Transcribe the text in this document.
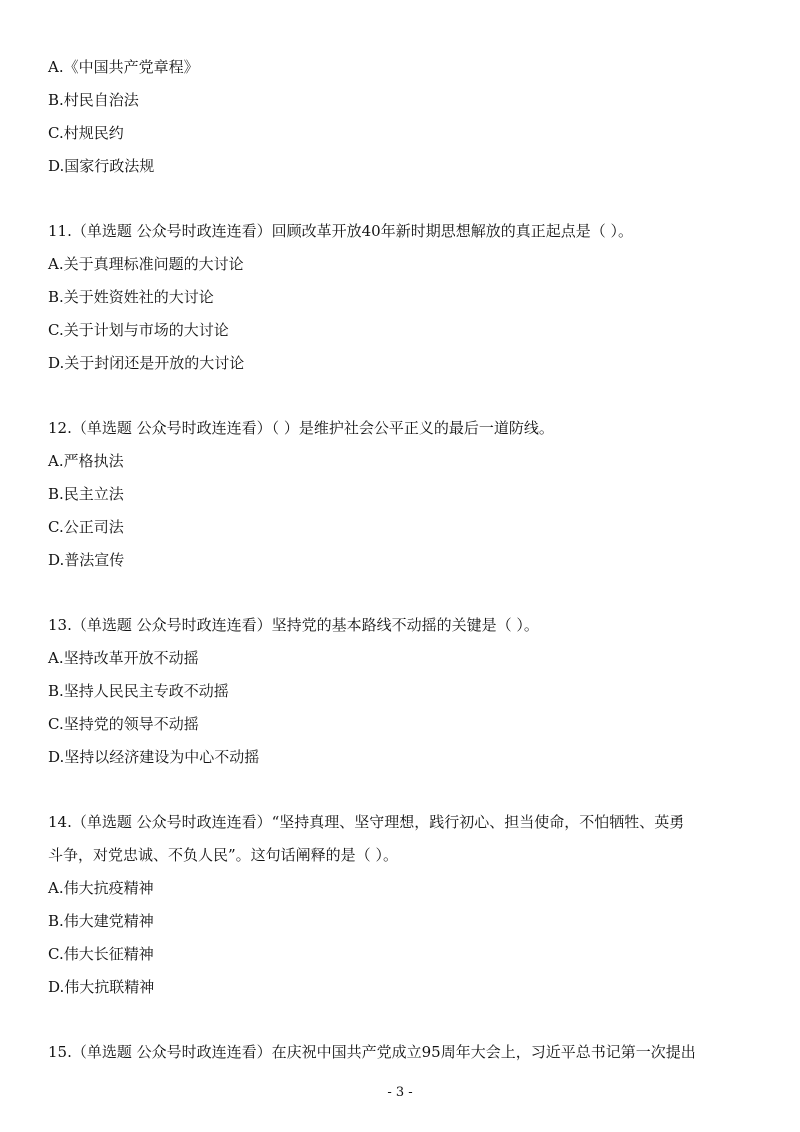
A.《中国共产党章程》
B.村民自治法
C.村规民约
D.国家行政法规
11.（单选题 公众号时政连连看）回顾改革开放40年新时期思想解放的真正起点是（ ）。
A.关于真理标准问题的大讨论
B.关于姓资姓社的大讨论
C.关于计划与市场的大讨论
D.关于封闭还是开放的大讨论
12.（单选题 公众号时政连连看）（ ）是维护社会公平正义的最后一道防线。
A.严格执法
B.民主立法
C.公正司法
D.普法宣传
13.（单选题 公众号时政连连看）坚持党的基本路线不动摇的关键是（ ）。
A.坚持改革开放不动摇
B.坚持人民民主专政不动摇
C.坚持党的领导不动摇
D.坚持以经济建设为中心不动摇
14.（单选题 公众号时政连连看）“坚持真理、坚守理想，践行初心、担当使命，不怕牺牲、英勇
斗争，对党忠诚、不负人民”。这句话阐释的是（ ）。
A.伟大抗疫精神
B.伟大建党精神
C.伟大长征精神
D.伟大抗联精神
15.（单选题 公众号时政连连看）在庆祝中国共产党成立95周年大会上，习近平总书记第一次提出
- 3 -
